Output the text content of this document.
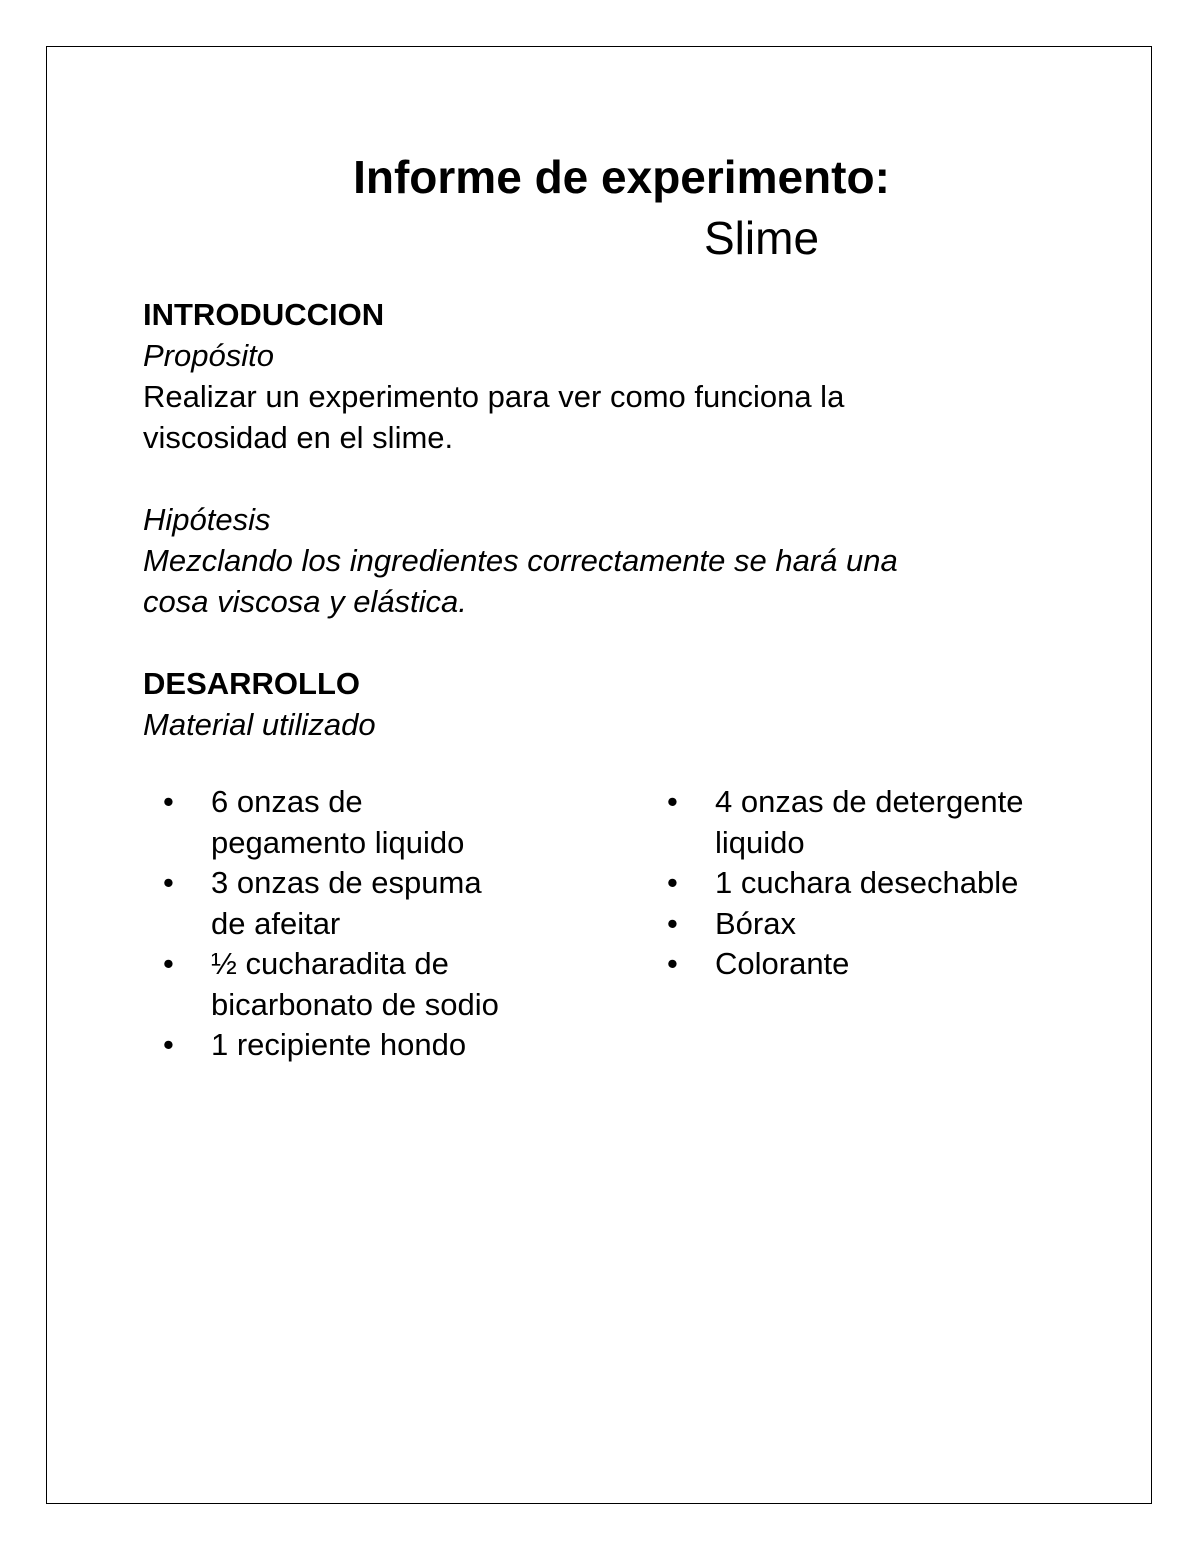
Informe de experimento:
Slime
INTRODUCCION
Propósito
Realizar un experimento para ver como funciona la
viscosidad en el slime.
Hipótesis
Mezclando los ingredientes correctamente se hará una
cosa viscosa y elástica.
DESARROLLO
Material utilizado
• 6 onzas de
pegamento liquido
• 3 onzas de espuma
de afeitar
• ½ cucharadita de
bicarbonato de sodio
• 1 recipiente hondo
• 4 onzas de detergente
liquido
• 1 cuchara desechable
• Bórax
• Colorante
